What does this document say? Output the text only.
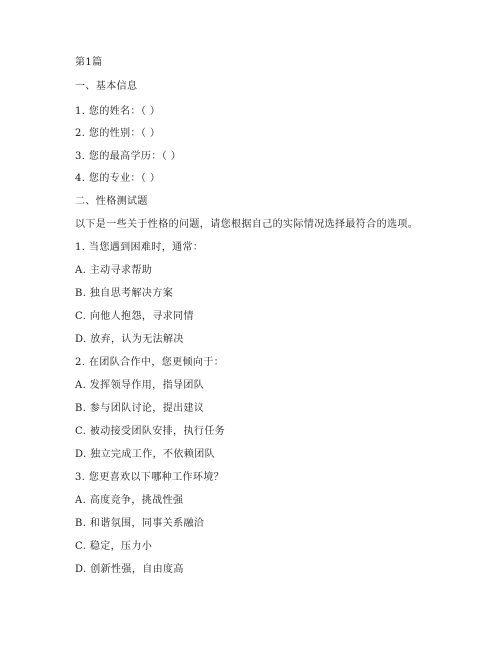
第1篇
一、基本信息
1. 您的姓名：（ ）
2. 您的性别：（ ）
3. 您的最高学历：（ ）
4. 您的专业：（ ）
二、性格测试题
以下是一些关于性格的问题，请您根据自己的实际情况选择最符合的选项。
1. 当您遇到困难时，通常：
A. 主动寻求帮助
B. 独自思考解决方案
C. 向他人抱怨，寻求同情
D. 放弃，认为无法解决
2. 在团队合作中，您更倾向于：
A. 发挥领导作用，指导团队
B. 参与团队讨论，提出建议
C. 被动接受团队安排，执行任务
D. 独立完成工作，不依赖团队
3. 您更喜欢以下哪种工作环境？
A. 高度竞争，挑战性强
B. 和谐氛围，同事关系融洽
C. 稳定，压力小
D. 创新性强，自由度高
